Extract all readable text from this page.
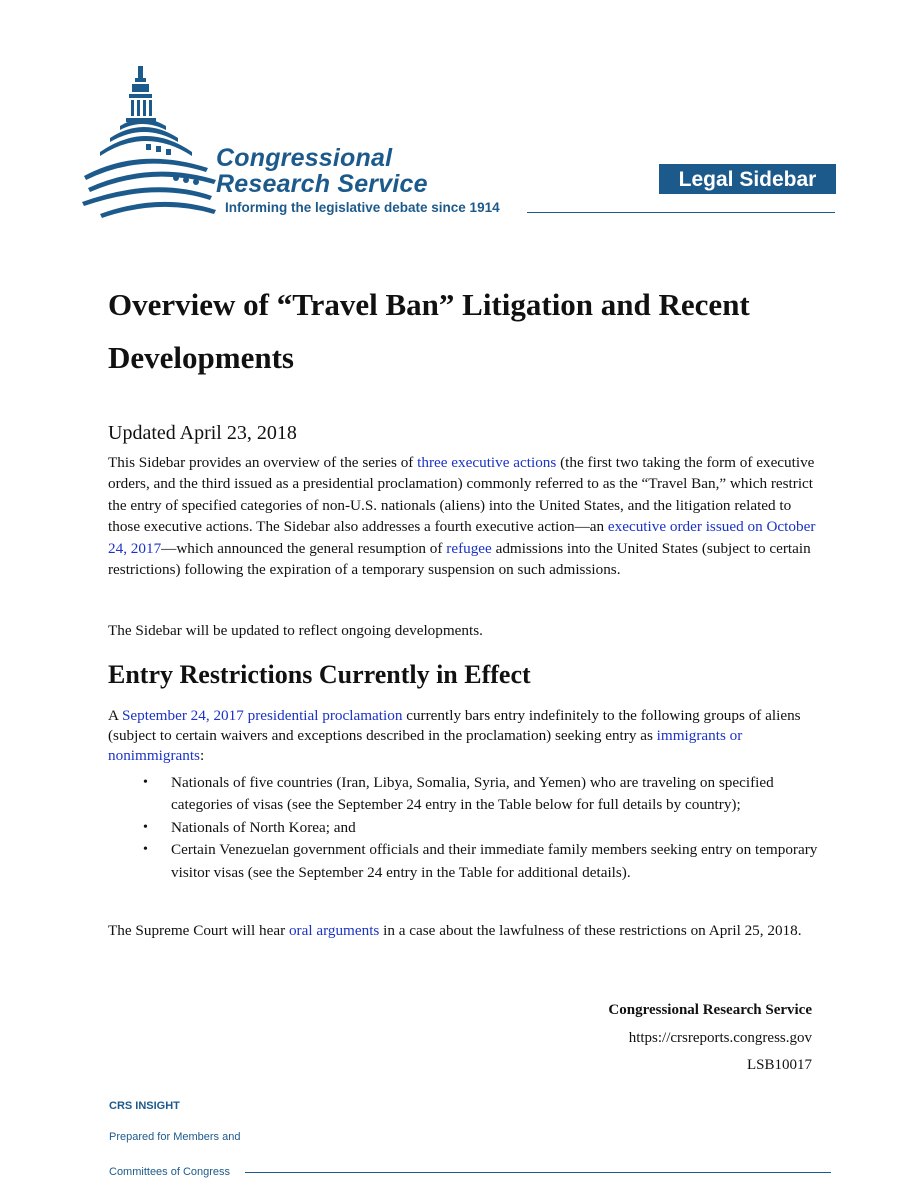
Congressional
Research Service
Informing the legislative debate since 1914
Legal Sidebar
Overview of “Travel Ban” Litigation and Recent Developments

Updated April 23, 2018

This Sidebar provides an overview of the series of three executive actions (the first two taking the form of executive orders, and the third issued as a presidential proclamation) commonly referred to as the “Travel Ban,” which restrict the entry of specified categories of non-U.S. nationals (aliens) into the United States, and the litigation related to those executive actions. The Sidebar also addresses a fourth executive action—an executive order issued on October 24, 2017—which announced the general resumption of refugee admissions into the United States (subject to certain restrictions) following the expiration of a temporary suspension on such admissions.

The Sidebar will be updated to reflect ongoing developments.

Entry Restrictions Currently in Effect

A September 24, 2017 presidential proclamation currently bars entry indefinitely to the following groups of aliens (subject to certain waivers and exceptions described in the proclamation) seeking entry as immigrants or nonimmigrants:

• Nationals of five countries (Iran, Libya, Somalia, Syria, and Yemen) who are traveling on specified categories of visas (see the September 24 entry in the Table below for full details by country);
• Nationals of North Korea; and
• Certain Venezuelan government officials and their immediate family members seeking entry on temporary visitor visas (see the September 24 entry in the Table for additional details).

The Supreme Court will hear oral arguments in a case about the lawfulness of these restrictions on April 25, 2018.

Congressional Research Service

https://crsreports.congress.gov

LSB10017

CRS INSIGHT

Prepared for Members and

Committees of Congress
